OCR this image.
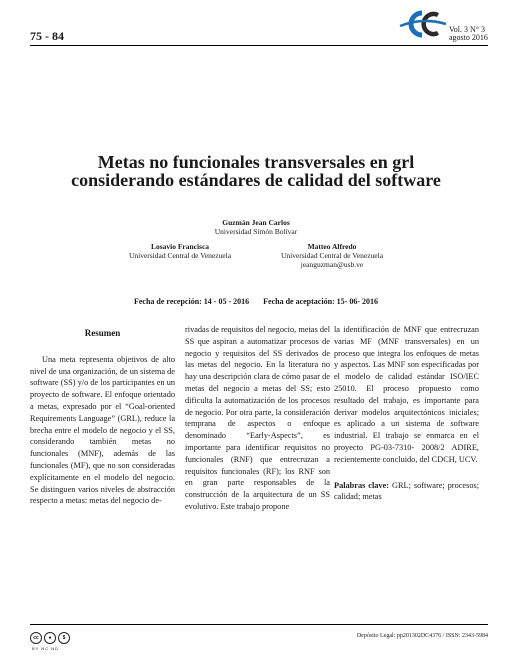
75 - 84	Vol. 3 N° 3
agosto 2016
Metas no funcionales transversales en grl
considerando estándares de calidad del software
Guzmán Jean Carlos
Universidad Simón Bolívar
Losavio Francisca
Universidad Central de Venezuela
Matteo Alfredo
Universidad Central de Venezuela
jeanguzman@usb.ve
Fecha de recepción: 14 - 05 - 2016 Fecha de aceptación: 15- 06- 2016
Resumen

Una meta representa objetivos de alto nivel de una organización, de un sistema de software (SS) y/o de los participantes en un proyecto de software. El enfoque orientado a metas, expresado por el “Goal-oriented Requirements Language” (GRL), reduce la brecha entre el modelo de negocio y el SS, considerando también metas no funcionales (MNF), además de las funcionales (MF), que no son consideradas explícitamente en el modelo del negocio. Se distinguen varios niveles de abstracción respecto a metas: metas del negocio de-

rivadas de requisitos del negocio, metas del SS que aspiran a automatizar procesos de negocio y requisitos del SS derivados de las metas del negocio. En la literatura no hay una descripción clara de cómo pasar de metas del negocio a metas del SS; esto dificulta la automatización de los procesos de negocio. Por otra parte, la consideración temprana de aspectos o enfoque denominado “Early-Aspects”, es importante para identificar requisitos no funcionales (RNF) que entrecruzan a requisitos funcionales (RF); los RNF son en gran parte responsables de la construcción de la arquitectura de un SS evolutivo. Este trabajo propone

la identificación de MNF que entrecruzan varias MF (MNF transversales) en un proceso que integra los enfoques de metas y aspectos. Las MNF son especificadas por el modelo de calidad estándar ISO/IEC 25010. El proceso propuesto como resultado del trabajo, es importante para derivar modelos arquitectónicos iniciales; es aplicado a un sistema de software industrial. El trabajo se enmarca en el proyecto PG-03-7310- 2008/2 ADIRE, recientemente concluido, del CDCH, UCV.

Palabras clave: GRL; software; procesos; calidad; metas

cc	●	$
BY NC ND
Depósito Legal: pp201302DC4376 / ISSN: 2343-5984
